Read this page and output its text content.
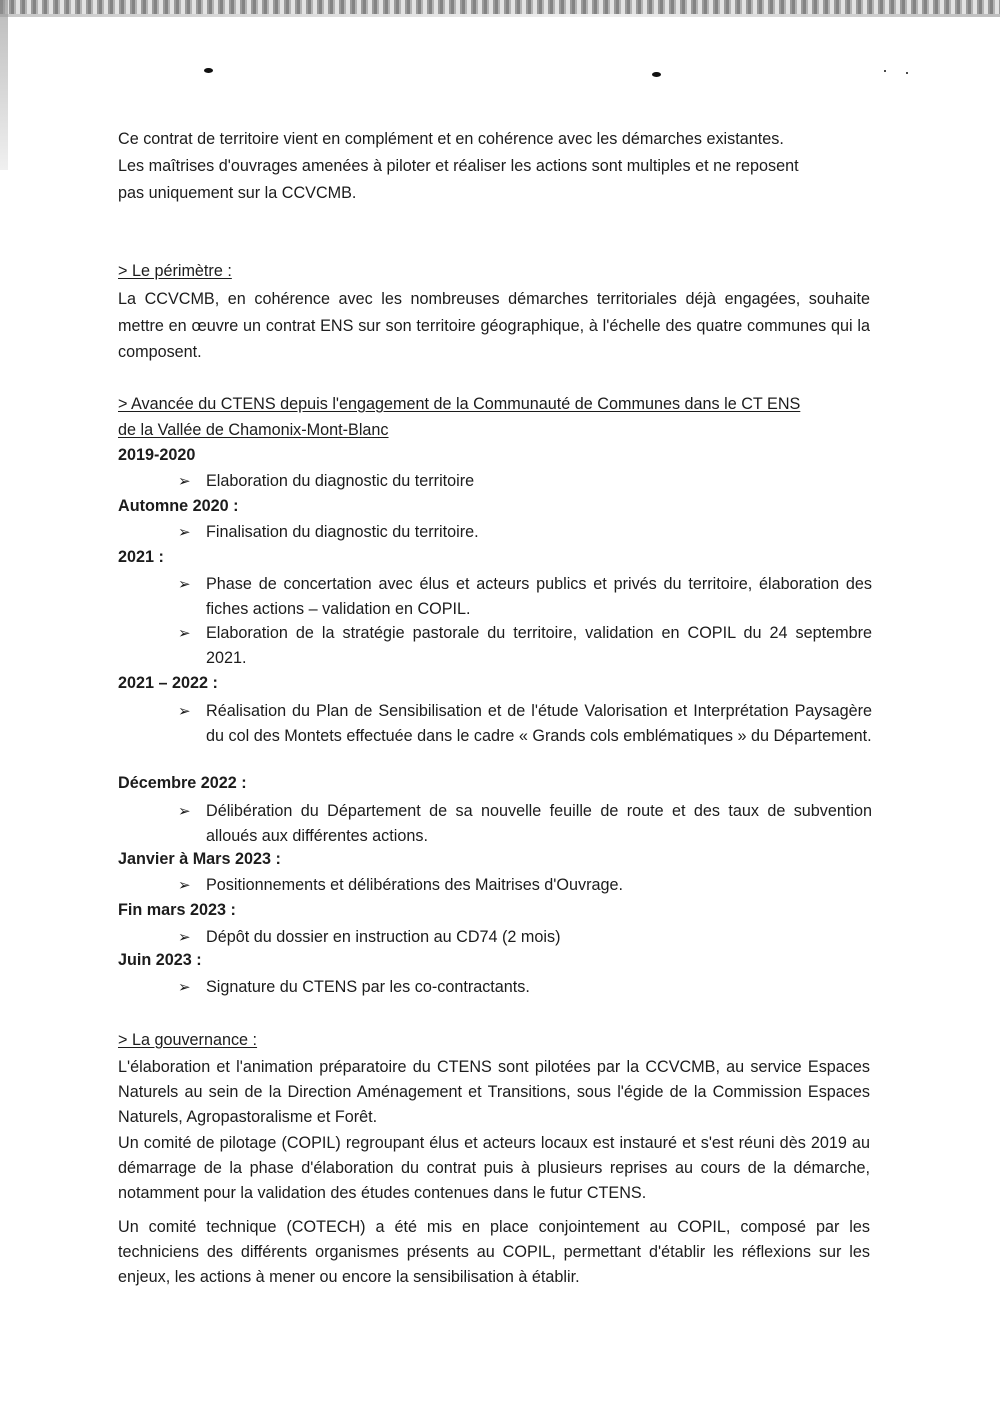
Ce contrat de territoire vient en complément et en cohérence avec les démarches existantes.

Les maîtrises d'ouvrages amenées à piloter et réaliser les actions sont multiples et ne reposent

pas uniquement sur la CCVCMB.

> Le périmètre :

La CCVCMB, en cohérence avec les nombreuses démarches territoriales déjà engagées, souhaite mettre en œuvre un contrat ENS sur son territoire géographique, à l'échelle des quatre communes qui la composent.

> Avancée du CTENS depuis l'engagement de la Communauté de Communes dans le CT ENS

de la Vallée de Chamonix-Mont-Blanc

2019-2020

➢ Elaboration du diagnostic du territoire

Automne 2020 :

➢ Finalisation du diagnostic du territoire.

2021 :

➢ Phase de concertation avec élus et acteurs publics et privés du territoire, élaboration des fiches actions – validation en COPIL.
➢ Elaboration de la stratégie pastorale du territoire, validation en COPIL du 24 septembre 2021.

2021 – 2022 :

➢ Réalisation du Plan de Sensibilisation et de l'étude Valorisation et Interprétation Paysagère du col des Montets effectuée dans le cadre « Grands cols emblématiques » du Département.

Décembre 2022 :

➢ Délibération du Département de sa nouvelle feuille de route et des taux de subvention alloués aux différentes actions.

Janvier à Mars 2023 :

➢ Positionnements et délibérations des Maitrises d'Ouvrage.

Fin mars 2023 :

➢ Dépôt du dossier en instruction au CD74 (2 mois)

Juin 2023 :

➢ Signature du CTENS par les co-contractants.

> La gouvernance :

L'élaboration et l'animation préparatoire du CTENS sont pilotées par la CCVCMB, au service Espaces Naturels au sein de la Direction Aménagement et Transitions, sous l'égide de la Commission Espaces Naturels, Agropastoralisme et Forêt.

Un comité de pilotage (COPIL) regroupant élus et acteurs locaux est instauré et s'est réuni dès 2019 au démarrage de la phase d'élaboration du contrat puis à plusieurs reprises au cours de la démarche, notamment pour la validation des études contenues dans le futur CTENS.

Un comité technique (COTECH) a été mis en place conjointement au COPIL, composé par les techniciens des différents organismes présents au COPIL, permettant d'établir les réflexions sur les enjeux, les actions à mener ou encore la sensibilisation à établir.
